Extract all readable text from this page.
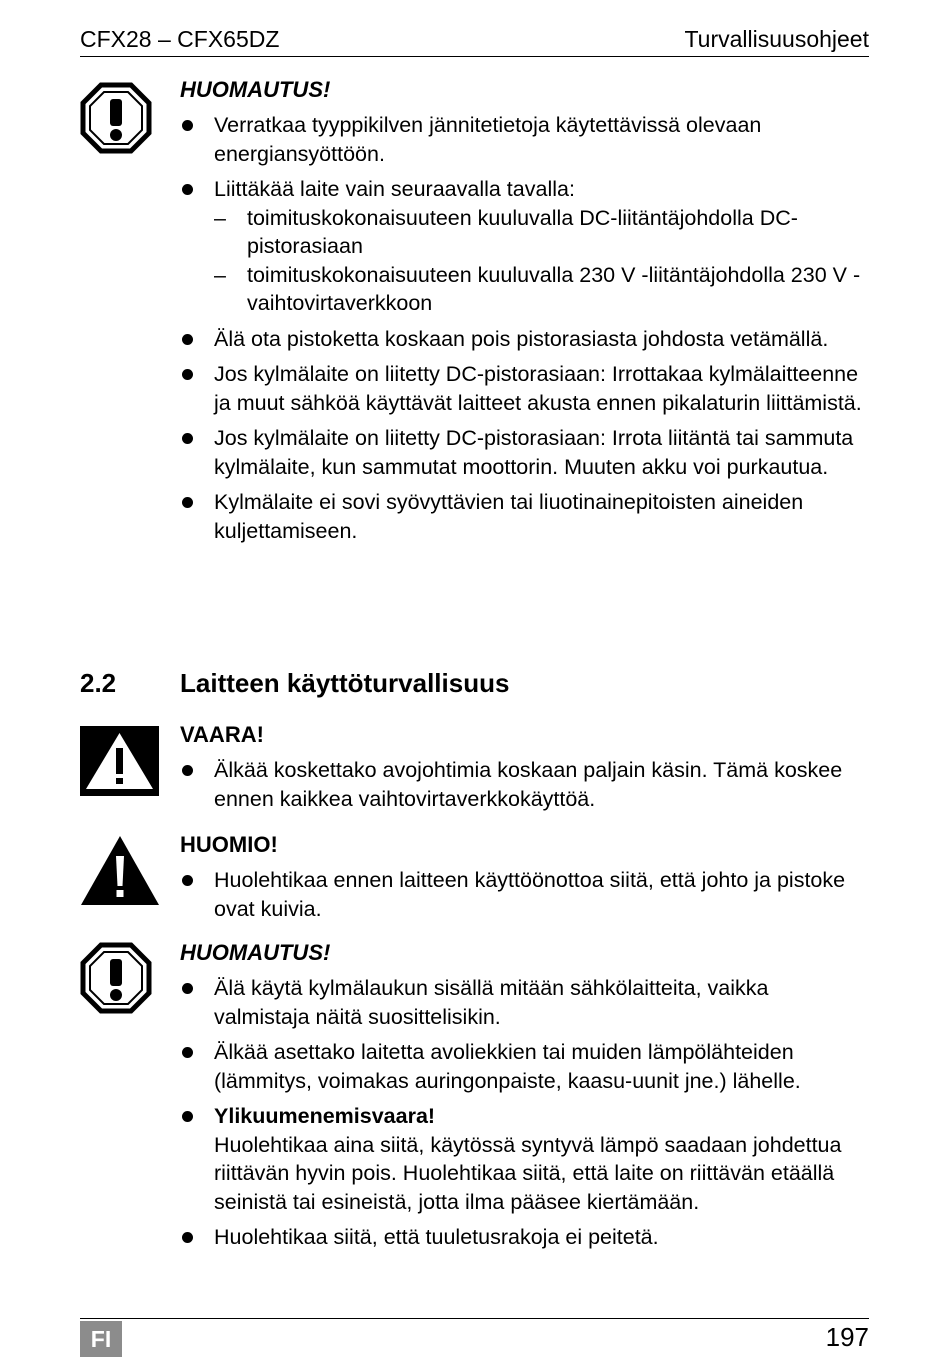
CFX28 – CFX65DZ	Turvallisuusohjeet
HUOMAUTUS!
Verratkaa tyyppikilven jännitetietoja käytettävissä olevaan energiansyöttöön.
Liittäkää laite vain seuraavalla tavalla:
– toimituskokonaisuuteen kuuluvalla DC-liitäntäjohdolla DC-pistorasiaan
– toimituskokonaisuuteen kuuluvalla 230 V -liitäntäjohdolla 230 V -vaihtovirtaverkkoon
Älä ota pistoketta koskaan pois pistorasiasta johdosta vetämällä.
Jos kylmälaite on liitetty DC-pistorasiaan: Irrottakaa kylmälaitteenne ja muut sähköä käyttävät laitteet akusta ennen pikalaturin liittämistä.
Jos kylmälaite on liitetty DC-pistorasiaan: Irrota liitäntä tai sammuta kylmälaite, kun sammutat moottorin. Muuten akku voi purkautua.
Kylmälaite ei sovi syövyttävien tai liuotinainepitoisten aineiden kuljettamiseen.
2.2 Laitteen käyttöturvallisuus
VAARA!
Älkää koskettako avojohtimia koskaan paljain käsin. Tämä koskee ennen kaikkea vaihtovirtaverkkokäyttöä.
HUOMIO!
Huolehtikaa ennen laitteen käyttöönottoa siitä, että johto ja pistoke ovat kuivia.
HUOMAUTUS!
Älä käytä kylmälaukun sisällä mitään sähkölaitteita, vaikka valmistaja näitä suosittelisikin.
Älkää asettako laitetta avoliekkien tai muiden lämpölähteiden (lämmitys, voimakas auringonpaiste, kaasu-uunit jne.) lähelle.
Ylikuumenemisvaara!
Huolehtikaa aina siitä, käytössä syntyvä lämpö saadaan johdettua riittävän hyvin pois. Huolehtikaa siitä, että laite on riittävän etäällä seinistä tai esineistä, jotta ilma pääsee kiertämään.
Huolehtikaa siitä, että tuuletusrakoja ei peitetä.
FI	197
